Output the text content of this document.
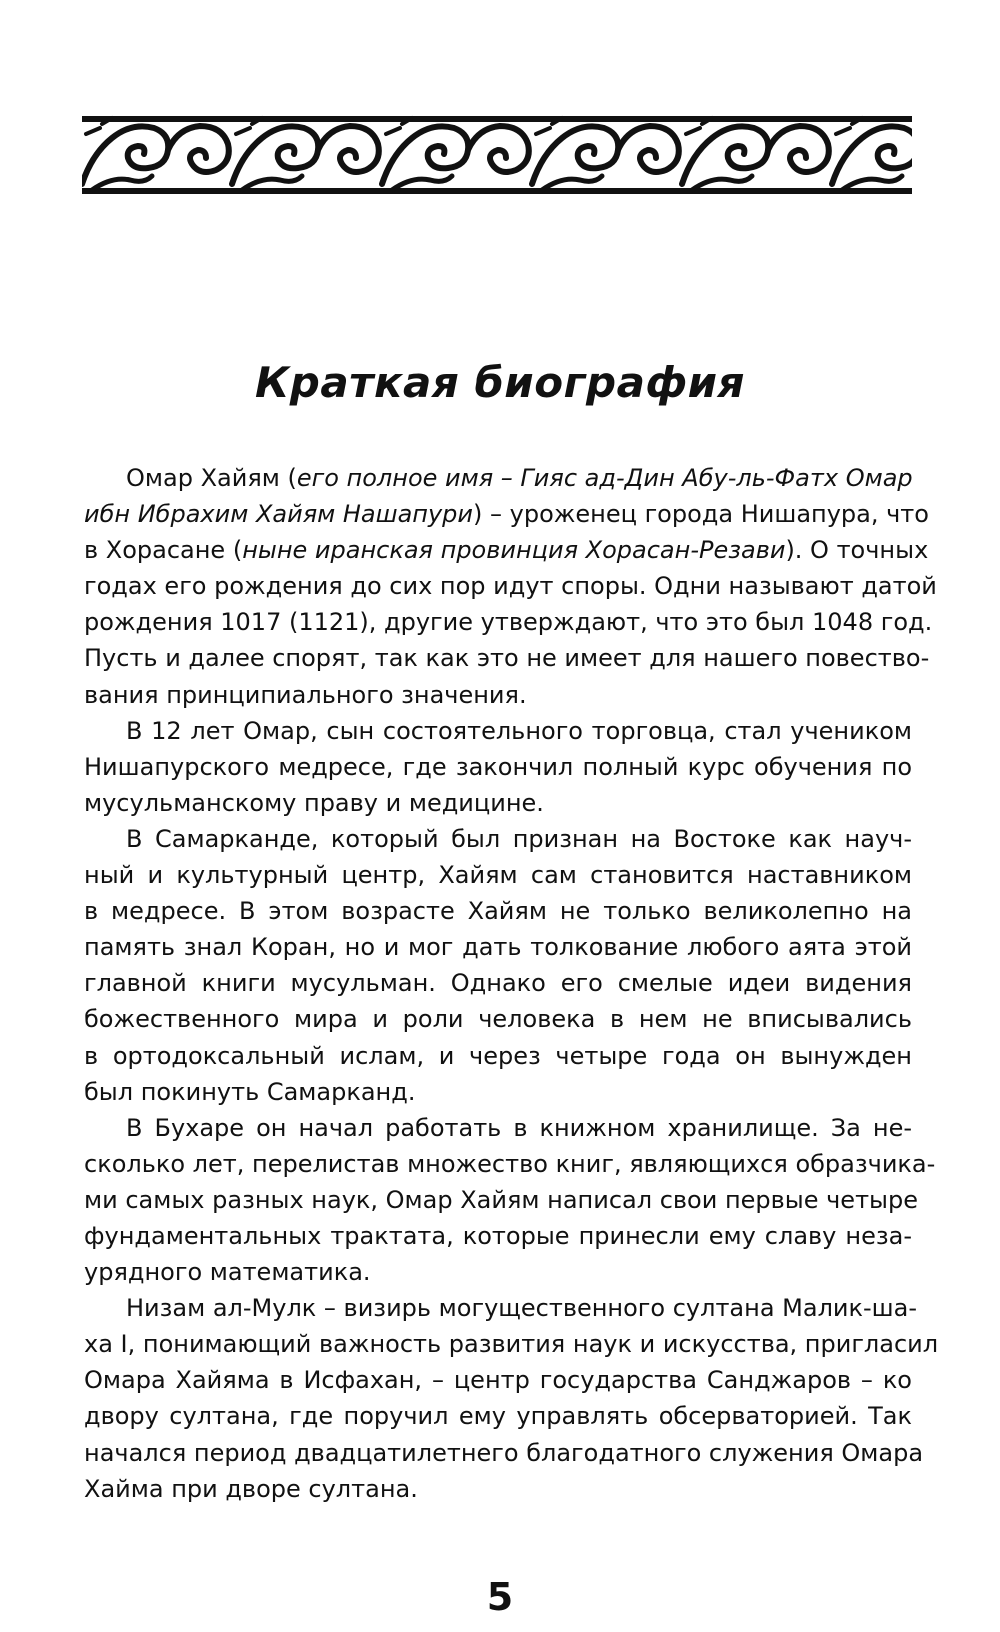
Краткая биография
Омар Хайям (его полное имя – Гияс ад-Дин Абу-ль-Фатх Омар
ибн Ибрахим Хайям Нашапури) – уроженец города Нишапура, что
в Хорасане (ныне иранская провинция Хорасан-Резави). О точных
годах его рождения до сих пор идут споры. Одни называют датой
рождения 1017 (1121), другие утверждают, что это был 1048 год.
Пусть и далее спорят, так как это не имеет для нашего повество-
вания принципиального значения.
В 12 лет Омар, сын состоятельного торговца, стал учеником
Нишапурского медресе, где закончил полный курс обучения по
мусульманскому праву и медицине.
В Самарканде, который был признан на Востоке как науч-
ный и культурный центр, Хайям сам становится наставником
в медресе. В этом возрасте Хайям не только великолепно на
память знал Коран, но и мог дать толкование любого аята этой
главной книги мусульман. Однако его смелые идеи видения
божественного мира и роли человека в нем не вписывались
в ортодоксальный ислам, и через четыре года он вынужден
был покинуть Самарканд.
В Бухаре он начал работать в книжном хранилище. За не-
сколько лет, перелистав множество книг, являющихся образчика-
ми самых разных наук, Омар Хайям написал свои первые четыре
фундаментальных трактата, которые принесли ему славу неза-
урядного математика.
Низам ал-Мулк – визирь могущественного султана Малик-ша-
ха I, понимающий важность развития наук и искусства, пригласил
Омара Хайяма в Исфахан, – центр государства Санджаров – ко
двору султана, где поручил ему управлять обсерваторией. Так
начался период двадцатилетнего благодатного служения Омара
Хайма при дворе султана.
5
